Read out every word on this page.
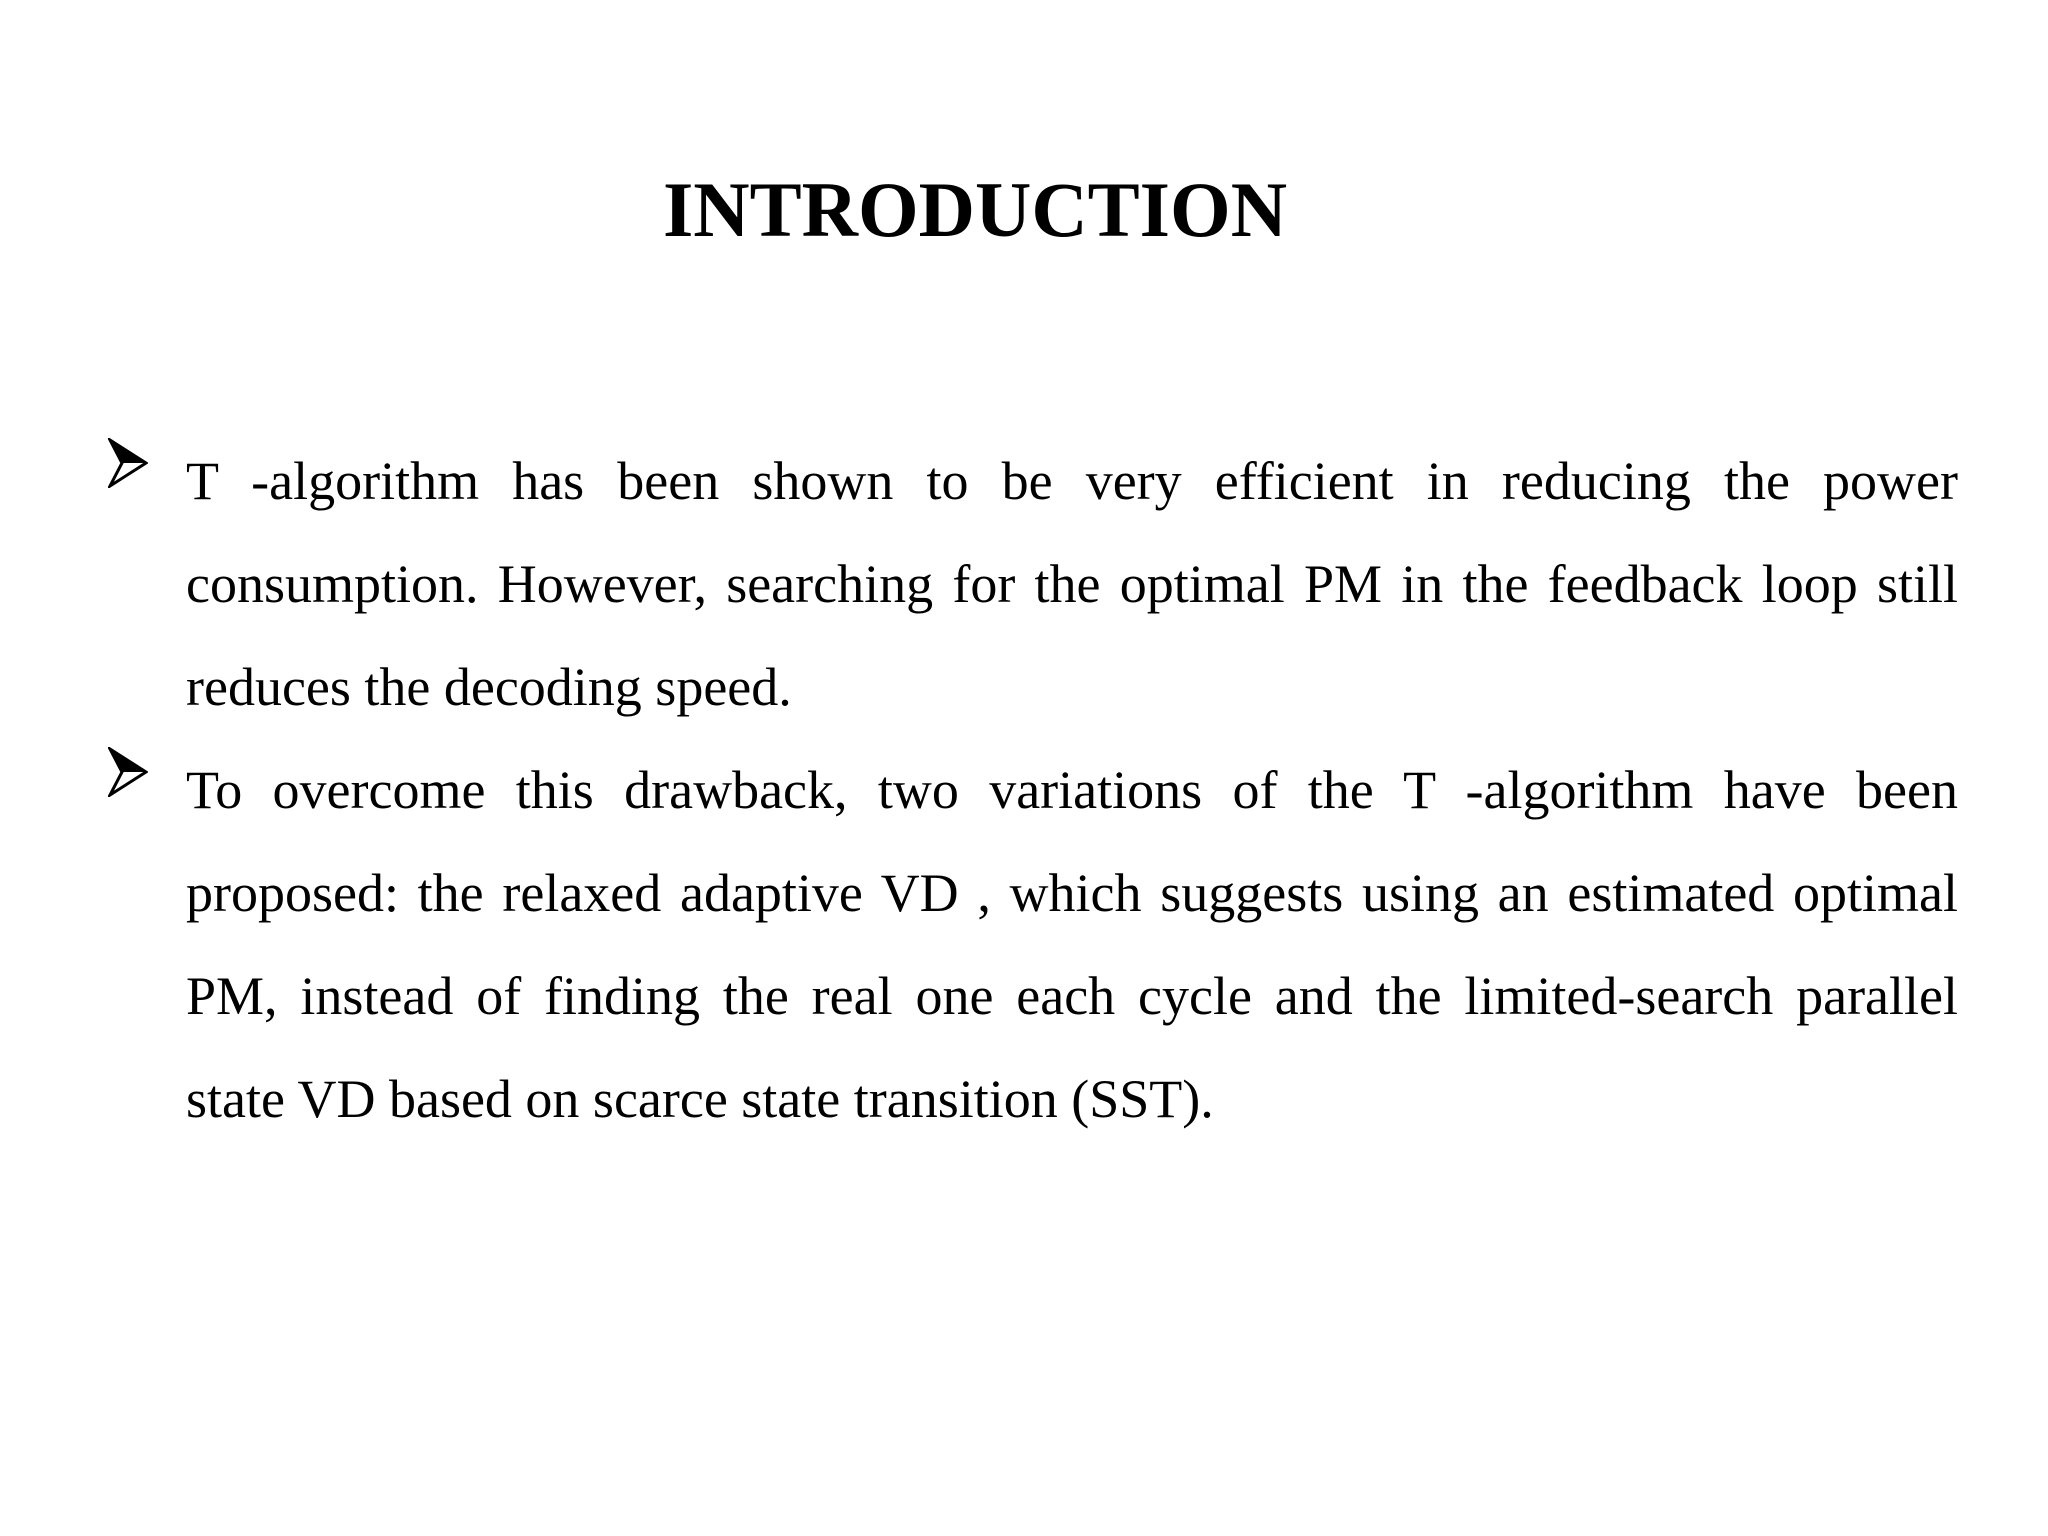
INTRODUCTION
T -algorithm has been shown to be very efficient in reducing the power consumption. However, searching for the optimal PM in the feedback loop still reduces the decoding speed.
To overcome this drawback, two variations of the T -algorithm have been proposed: the relaxed adaptive VD , which suggests using an estimated optimal PM, instead of finding the real one each cycle and the limited-search parallel state VD based on scarce state transition (SST).
